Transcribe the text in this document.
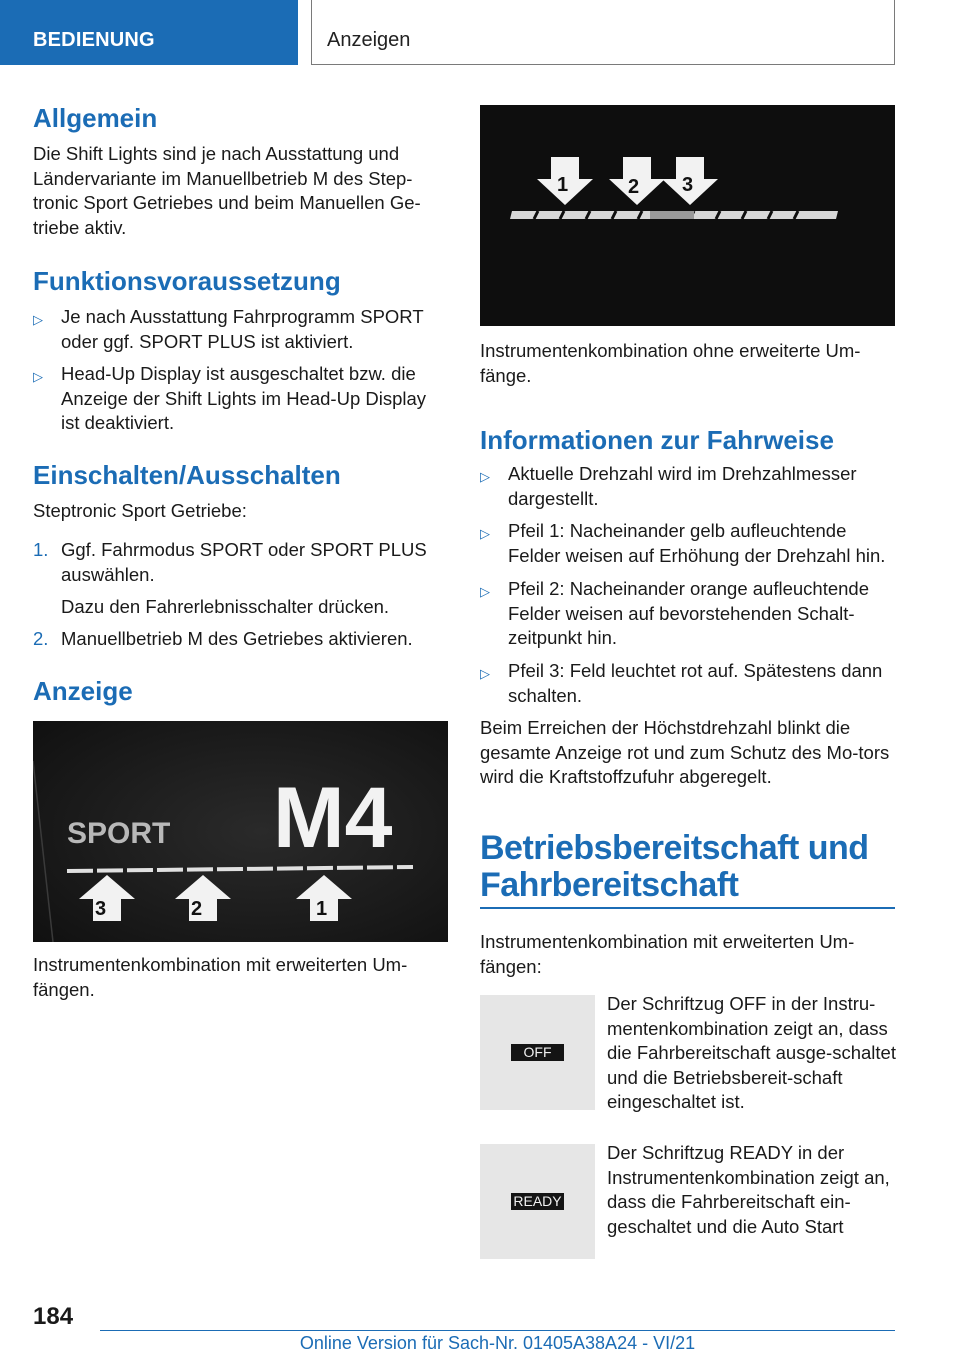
BEDIENUNG	Anzeigen
Allgemein
Die Shift Lights sind je nach Ausstattung und Ländervariante im Manuellbetrieb M des Step-tronic Sport Getriebes und beim Manuellen Ge-triebe aktiv.
Funktionsvoraussetzung
▷ Je nach Ausstattung Fahrprogramm SPORT oder ggf. SPORT PLUS ist aktiviert.
▷ Head-Up Display ist ausgeschaltet bzw. die Anzeige der Shift Lights im Head-Up Display ist deaktiviert.
Einschalten/Ausschalten
Steptronic Sport Getriebe:
1. Ggf. Fahrmodus SPORT oder SPORT PLUS auswählen.
Dazu den Fahrerlebnisschalter drücken.
2. Manuellbetrieb M des Getriebes aktivieren.
Anzeige
SPORT M4
3	2	1
Instrumentenkombination mit erweiterten Um-fängen.
1	2 3
Instrumentenkombination ohne erweiterte Um-fänge.
Informationen zur Fahrweise
▷ Aktuelle Drehzahl wird im Drehzahlmesser dargestellt.
▷ Pfeil 1: Nacheinander gelb aufleuchtende Felder weisen auf Erhöhung der Drehzahl hin.
▷ Pfeil 2: Nacheinander orange aufleuchtende Felder weisen auf bevorstehenden Schalt-zeitpunkt hin.
▷ Pfeil 3: Feld leuchtet rot auf. Spätestens dann schalten.
Beim Erreichen der Höchstdrehzahl blinkt die gesamte Anzeige rot und zum Schutz des Mo-tors wird die Kraftstoffzufuhr abgeregelt.
Betriebsbereitschaft und Fahrbereitschaft
Instrumentenkombination mit erweiterten Um-fängen:
OFF
Der Schriftzug OFF in der Instru-mentenkombination zeigt an, dass die Fahrbereitschaft ausge-schaltet und die Betriebsbereit-schaft eingeschaltet ist.
READY
Der Schriftzug READY in der Instrumentenkombination zeigt an, dass die Fahrbereitschaft ein-geschaltet und die Auto Start
184
Online Version für Sach-Nr. 01405A38A24 - VI/21
